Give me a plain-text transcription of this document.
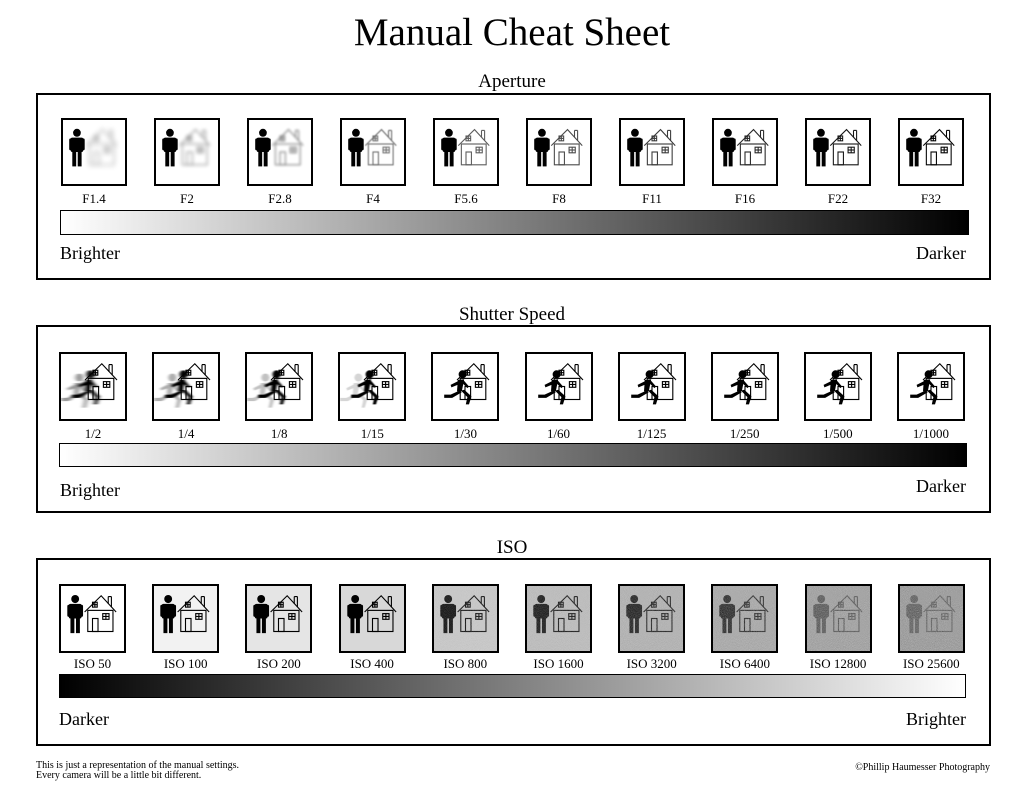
Manual Cheat Sheet
Aperture
F1.4	F2	F2.8	F4	F5.6	F8	F11	F16	F22	F32
Brighter	Darker
Shutter Speed
1/2	1/4	1/8	1/15	1/30	1/60	1/125	1/250	1/500	1/1000
Brighter	Darker
ISO
ISO 50	ISO 100	ISO 200	ISO 400	ISO 800	ISO 1600	ISO 3200	ISO 6400	ISO 12800	ISO 25600
Darker	Brighter
This is just a representation of the manual settings.
Every camera will be a little bit different.
©Phillip Haumesser Photography
